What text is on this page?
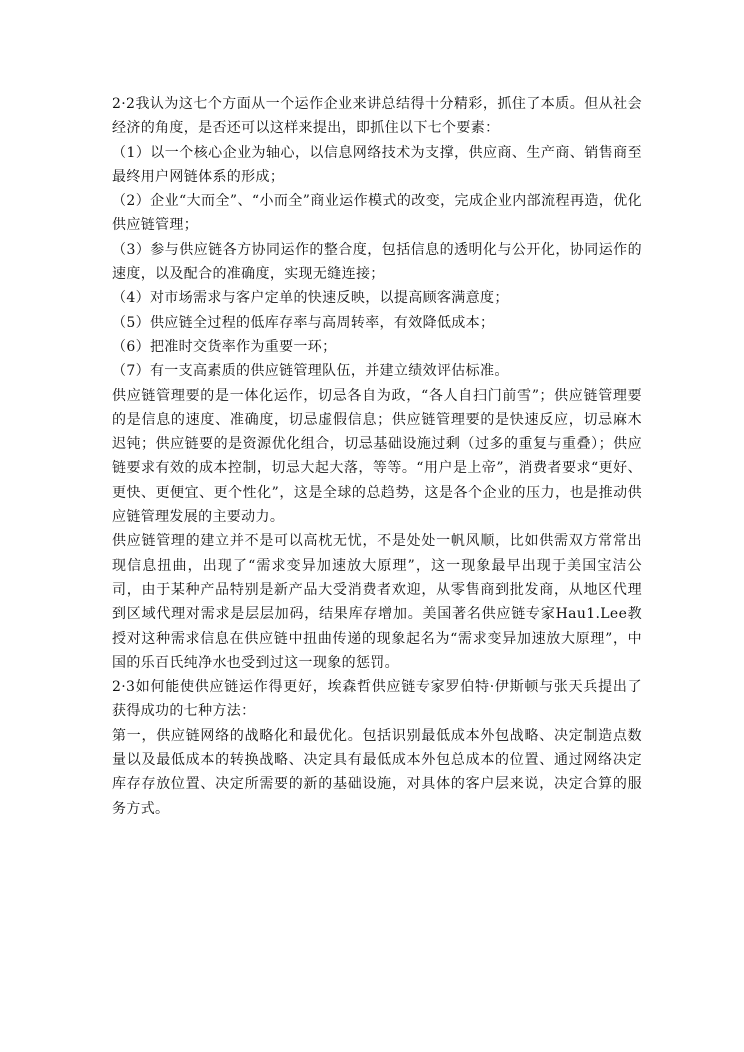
2·2我认为这七个方面从一个运作企业来讲总结得十分精彩，抓住了本质。但从社会经济的角度，是否还可以这样来提出，即抓住以下七个要素：

（1）以一个核心企业为轴心，以信息网络技术为支撑，供应商、生产商、销售商至最终用户网链体系的形成；

（2）企业“大而全”、“小而全”商业运作模式的改变，完成企业内部流程再造，优化供应链管理；

（3）参与供应链各方协同运作的整合度，包括信息的透明化与公开化，协同运作的速度，以及配合的准确度，实现无缝连接；

（4）对市场需求与客户定单的快速反映，以提高顾客满意度；

（5）供应链全过程的低库存率与高周转率，有效降低成本；

（6）把准时交货率作为重要一环；

（7）有一支高素质的供应链管理队伍，并建立绩效评估标准。

供应链管理要的是一体化运作，切忌各自为政，“各人自扫门前雪”；供应链管理要的是信息的速度、准确度，切忌虚假信息；供应链管理要的是快速反应，切忌麻木迟钝；供应链要的是资源优化组合，切忌基础设施过剩（过多的重复与重叠）；供应链要求有效的成本控制，切忌大起大落，等等。“用户是上帝”，消费者要求“更好、更快、更便宜、更个性化”，这是全球的总趋势，这是各个企业的压力，也是推动供应链管理发展的主要动力。

供应链管理的建立并不是可以高枕无忧，不是处处一帆风顺，比如供需双方常常出现信息扭曲，出现了“需求变异加速放大原理”，这一现象最早出现于美国宝洁公司，由于某种产品特别是新产品大受消费者欢迎，从零售商到批发商，从地区代理到区域代理对需求是层层加码，结果库存增加。美国著名供应链专家Hau1.Lee教授对这种需求信息在供应链中扭曲传递的现象起名为“需求变异加速放大原理”，中国的乐百氏纯净水也受到过这一现象的惩罚。

2·3如何能使供应链运作得更好，埃森哲供应链专家罗伯特·伊斯顿与张天兵提出了获得成功的七种方法：

第一，供应链网络的战略化和最优化。包括识别最低成本外包战略、决定制造点数量以及最低成本的转换战略、决定具有最低成本外包总成本的位置、通过网络决定库存存放位置、决定所需要的新的基础设施，对具体的客户层来说，决定合算的服务方式。
